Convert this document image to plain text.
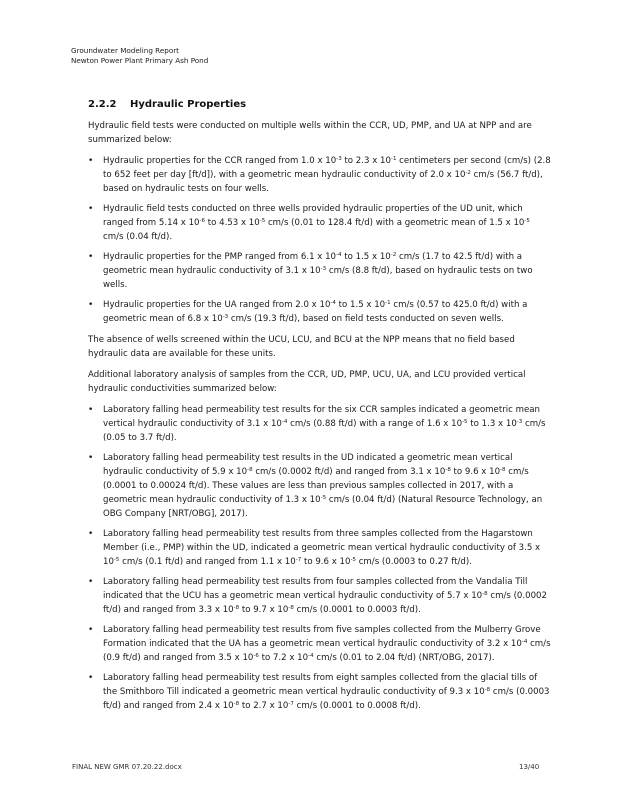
Groundwater Modeling Report
Newton Power Plant Primary Ash Pond
2.2.2 Hydraulic Properties

Hydraulic field tests were conducted on multiple wells within the CCR, UD, PMP, and UA at NPP and are summarized below:

• Hydraulic properties for the CCR ranged from 1.0 x $10^{-3}$ to 2.3 x $10^{-1}$ centimeters per second (cm/s) (2.8 to 652 feet per day [ft/d]), with a geometric mean hydraulic conductivity of 2.0 x $10^{-2}$ cm/s (56.7 ft/d), based on hydraulic tests on four wells.
• Hydraulic field tests conducted on three wells provided hydraulic properties of the UD unit, which ranged from 5.14 x $10^{-6}$ to 4.53 x $10^{-5}$ cm/s (0.01 to 128.4 ft/d) with a geometric mean of 1.5 x $10^{-5}$ cm/s (0.04 ft/d).
• Hydraulic properties for the PMP ranged from 6.1 x $10^{-4}$ to 1.5 x $10^{-2}$ cm/s (1.7 to 42.5 ft/d) with a geometric mean hydraulic conductivity of 3.1 x $10^{-3}$ cm/s (8.8 ft/d), based on hydraulic tests on two wells.
• Hydraulic properties for the UA ranged from 2.0 x $10^{-4}$ to 1.5 x $10^{-1}$ cm/s (0.57 to 425.0 ft/d) with a geometric mean of 6.8 x $10^{-3}$ cm/s (19.3 ft/d), based on field tests conducted on seven wells.

The absence of wells screened within the UCU, LCU, and BCU at the NPP means that no field based hydraulic data are available for these units.

Additional laboratory analysis of samples from the CCR, UD, PMP, UCU, UA, and LCU provided vertical hydraulic conductivities summarized below:

• Laboratory falling head permeability test results for the six CCR samples indicated a geometric mean vertical hydraulic conductivity of 3.1 x $10^{-4}$ cm/s (0.88 ft/d) with a range of 1.6 x $10^{-5}$ to 1.3 x $10^{-3}$ cm/s (0.05 to 3.7 ft/d).
• Laboratory falling head permeability test results in the UD indicated a geometric mean vertical hydraulic conductivity of 5.9 x $10^{-8}$ cm/s (0.0002 ft/d) and ranged from 3.1 x $10^{-8}$ to 9.6 x $10^{-8}$ cm/s (0.0001 to 0.00024 ft/d). These values are less than previous samples collected in 2017, with a geometric mean hydraulic conductivity of 1.3 x $10^{-5}$ cm/s (0.04 ft/d) (Natural Resource Technology, an OBG Company [NRT/OBG], 2017).
• Laboratory falling head permeability test results from three samples collected from the Hagarstown Member (i.e., PMP) within the UD, indicated a geometric mean vertical hydraulic conductivity of 3.5 x $10^{-5}$ cm/s (0.1 ft/d) and ranged from 1.1 x $10^{-7}$ to 9.6 x $10^{-5}$ cm/s (0.0003 to 0.27 ft/d).
• Laboratory falling head permeability test results from four samples collected from the Vandalia Till indicated that the UCU has a geometric mean vertical hydraulic conductivity of 5.7 x $10^{-8}$ cm/s (0.0002 ft/d) and ranged from 3.3 x $10^{-8}$ to 9.7 x $10^{-8}$ cm/s (0.0001 to 0.0003 ft/d).
• Laboratory falling head permeability test results from five samples collected from the Mulberry Grove Formation indicated that the UA has a geometric mean vertical hydraulic conductivity of 3.2 x $10^{-4}$ cm/s (0.9 ft/d) and ranged from 3.5 x $10^{-6}$ to 7.2 x $10^{-4}$ cm/s (0.01 to 2.04 ft/d) (NRT/OBG, 2017).
• Laboratory falling head permeability test results from eight samples collected from the glacial tills of the Smithboro Till indicated a geometric mean vertical hydraulic conductivity of 9.3 x $10^{-8}$ cm/s (0.0003 ft/d) and ranged from 2.4 x $10^{-8}$ to 2.7 x $10^{-7}$ cm/s (0.0001 to 0.0008 ft/d).
FINAL NEW GMR 07.20.22.docx	13/40
